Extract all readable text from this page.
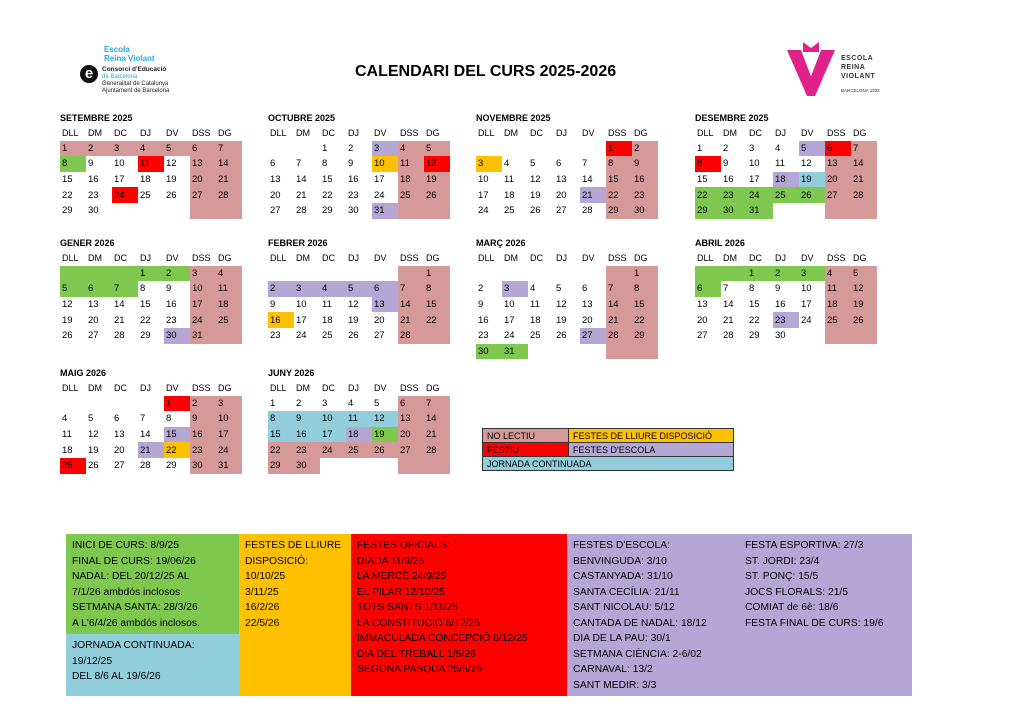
Escola
Reina Violant
e	Consorci d'Educació
de Barcelona
Generalitat de Catalunya
Ajuntament de Barcelona
CALENDARI DEL CURS 2025-2026
ESCOLA
REINA
VIOLANT
BARCELONA 1932
SETEMBRE 2025
DLL	DM	DC	DJ	DV	DSS	DG
1	2	3	4	5	6	7
8	9	10	11	12	13	14
15	16	17	18	19	20	21
22	23	24	25	26	27	28
29	30					
OCTUBRE 2025
DLL	DM	DC	DJ	DV	DSS	DG
		1	2	3	4	5
6	7	8	9	10	11	12
13	14	15	16	17	18	19
20	21	22	23	24	25	26
27	28	29	30	31		
NOVEMBRE 2025
DLL	DM	DC	DJ	DV	DSS	DG
					1	2
3	4	5	6	7	8	9
10	11	12	13	14	15	16
17	18	19	20	21	22	23
24	25	26	27	28	29	30
DESEMBRE 2025
DLL	DM	DC	DJ	DV	DSS	DG
1	2	3	4	5	6	7
8	9	10	11	12	13	14
15	16	17	18	19	20	21
22	23	24	25	26	27	28
29	30	31				
GENER 2026
DLL	DM	DC	DJ	DV	DSS	DG
			1	2	3	4
5	6	7	8	9	10	11
12	13	14	15	16	17	18
19	20	21	22	23	24	25
26	27	28	29	30	31	
FEBRER 2026
DLL	DM	DC	DJ	DV	DSS	DG
						1
2	3	4	5	6	7	8
9	10	11	12	13	14	15
16	17	18	19	20	21	22
23	24	25	26	27	28	
MARÇ 2026
DLL	DM	DC	DJ	DV	DSS	DG
						1
2	3	4	5	6	7	8
9	10	11	12	13	14	15
16	17	18	19	20	21	22
23	24	25	26	27	28	29
30	31					
ABRIL 2026
DLL	DM	DC	DJ	DV	DSS	DG
		1	2	3	4	5
6	7	8	9	10	11	12
13	14	15	16	17	18	19
20	21	22	23	24	25	26
27	28	29	30			
MAIG 2026
DLL	DM	DC	DJ	DV	DSS	DG
				1	2	3
4	5	6	7	8	9	10
11	12	13	14	15	16	17
18	19	20	21	22	23	24
25	26	27	28	29	30	31
JUNY 2026
DLL	DM	DC	DJ	DV	DSS	DG
1	2	3	4	5	6	7
8	9	10	11	12	13	14
15	16	17	18	19	20	21
22	23	24	25	26	27	28
29	30					
NO LECTIU	FESTES DE LLIURE DISPOSICIÓ
FESTIU	FESTES D'ESCOLA
JORNADA CONTINUADA	
INICI DE CURS: 8/9/25
FINAL DE CURS: 19/06/26
NADAL: DEL 20/12/25 AL
7/1/26 ambdós inclosos.
SETMANA SANTA: 28/3/26
A L'6/4/26 ambdós inclosos.
JORNADA CONTINUADA:
19/12/25
DEL 8/6 AL 19/6/26
FESTES DE LLIURE
DISPOSICIÓ:
10/10/25
3/11/25
16/2/26
22/5/26
FESTES OFICIALS:
DIADA 11/9/25
LA MERCÈ 24/9/25
EL PILAR 12/10/25
TOTS SANTS 1/11/25
LA CONSTITUCIÓ 6/12/25
IMMACULADA CONCEPCIÓ 8/12/25
DIA DEL TREBALL 1/5/26
SEGONA PASQUA 25/5/26
FESTES D'ESCOLA:
BENVINGUDA: 3/10
CASTANYADA: 31/10
SANTA CECÍLIA: 21/11
SANT NICOLAU: 5/12
CANTADA DE NADAL: 18/12
DIA DE LA PAU: 30/1
SETMANA CIÈNCIA: 2-6/02
CARNAVAL: 13/2
SANT MEDIR: 3/3
FESTA ESPORTIVA: 27/3
ST. JORDI: 23/4
ST. PONÇ: 15/5
JOCS FLORALS: 21/5
COMIAT de 6è: 18/6
FESTA FINAL DE CURS: 19/6
